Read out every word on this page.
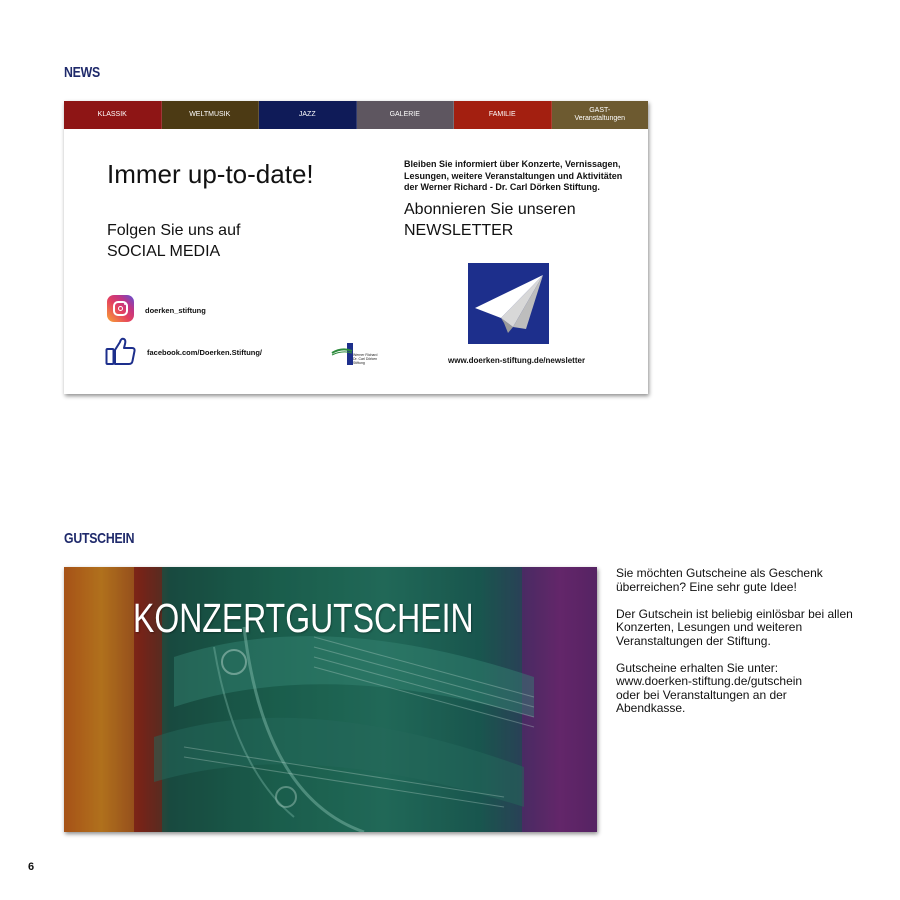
NEWS
KLASSIK	WELTMUSIK	JAZZ	GALERIE	FAMILIE
GAST-
Veranstaltungen
Immer up-to-date!
Folgen Sie uns auf
SOCIAL MEDIA
Bleiben Sie informiert über Konzerte, Vernissagen, Lesungen, weitere Veranstaltungen und Aktivitäten der Werner Richard - Dr. Carl Dörken Stiftung.
Abonnieren Sie unseren
NEWSLETTER
www.doerken-stiftung.de/newsletter
doerken_stiftung
facebook.com/Doerken.Stiftung/	Werner Richard
Dr. Carl Dörken
Stiftung
GUTSCHEIN
KONZERTGUTSCHEIN

Sie möchten Gutscheine als Geschenk überreichen? Eine sehr gute Idee!

Der Gutschein ist beliebig einlösbar bei allen Konzerten, Lesungen und weiteren Veranstaltungen der Stiftung.

Gutscheine erhalten Sie unter:
www.doerken-stiftung.de/gutschein
oder bei Veranstaltungen an der Abendkasse.
6
